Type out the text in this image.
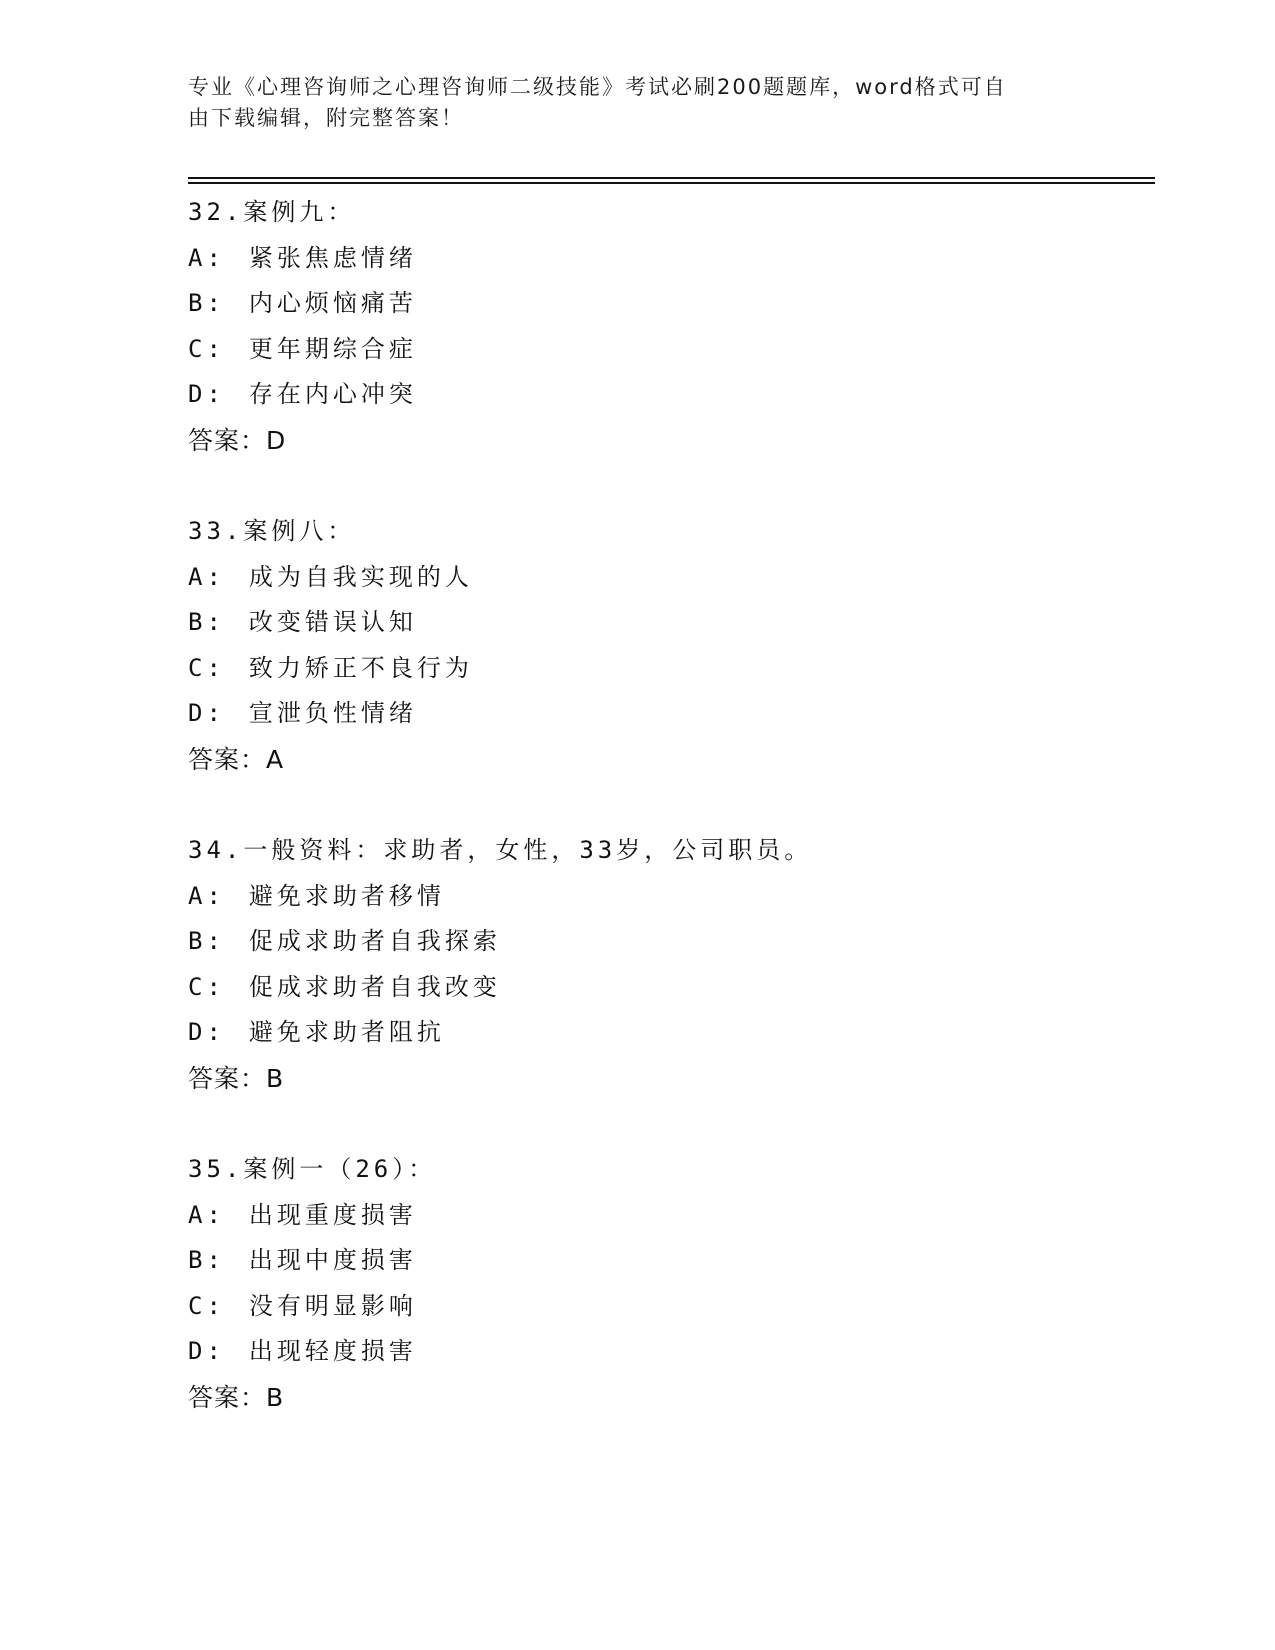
专业《心理咨询师之心理咨询师二级技能》考试必刷200题题库，word格式可自
由下载编辑，附完整答案！
32.案例九：
A: 紧张焦虑情绪
B: 内心烦恼痛苦
C: 更年期综合症
D: 存在内心冲突
答案：D
33.案例八：
A: 成为自我实现的人
B: 改变错误认知
C: 致力矫正不良行为
D: 宣泄负性情绪
答案：A
34.一般资料：求助者，女性，33岁，公司职员。
A: 避免求助者移情
B: 促成求助者自我探索
C: 促成求助者自我改变
D: 避免求助者阻抗
答案：B
35.案例一（26）：
A: 出现重度损害
B: 出现中度损害
C: 没有明显影响
D: 出现轻度损害
答案：B
